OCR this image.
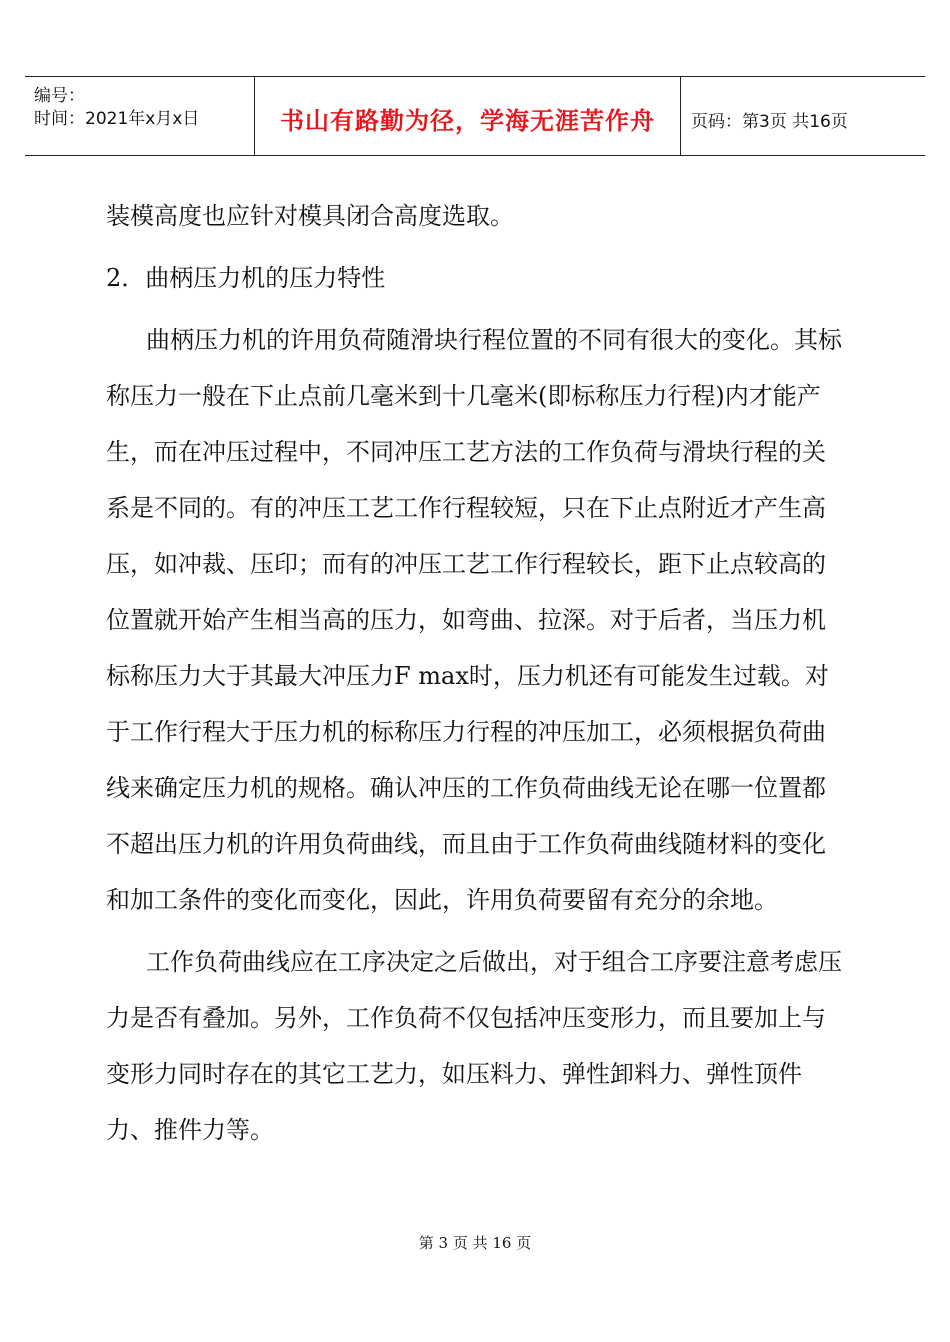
编号：
时间：2021年x月x日	书山有路勤为径，学海无涯苦作舟	页码：第3页 共16页

装模高度也应针对模具闭合高度选取。

2．曲柄压力机的压力特性

曲柄压力机的许用负荷随滑块行程位置的不同有很大的变化。其标称压力一般在下止点前几毫米到十几毫米(即标称压力行程)内才能产生，而在冲压过程中，不同冲压工艺方法的工作负荷与滑块行程的关系是不同的。有的冲压工艺工作行程较短，只在下止点附近才产生高压，如冲裁、压印；而有的冲压工艺工作行程较长，距下止点较高的位置就开始产生相当高的压力，如弯曲、拉深。对于后者，当压力机标称压力大于其最大冲压力F max时，压力机还有可能发生过载。对于工作行程大于压力机的标称压力行程的冲压加工，必须根据负荷曲线来确定压力机的规格。确认冲压的工作负荷曲线无论在哪一位置都不超出压力机的许用负荷曲线，而且由于工作负荷曲线随材料的变化和加工条件的变化而变化，因此，许用负荷要留有充分的余地。

工作负荷曲线应在工序决定之后做出，对于组合工序要注意考虑压力是否有叠加。另外，工作负荷不仅包括冲压变形力，而且要加上与变形力同时存在的其它工艺力，如压料力、弹性卸料力、弹性顶件力、推件力等。

第 3 页 共 16 页
